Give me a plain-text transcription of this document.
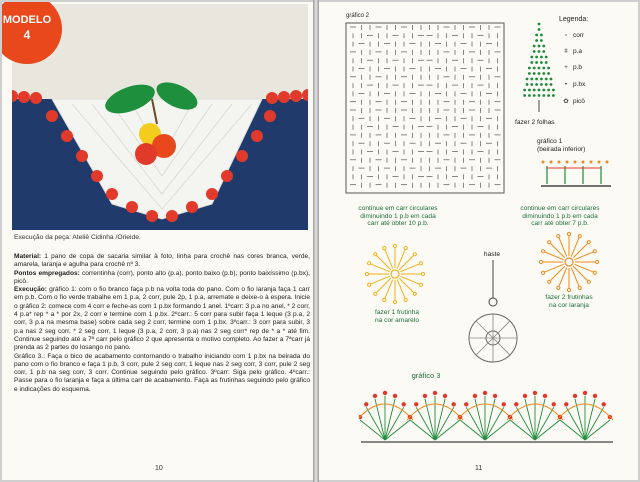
MODELO
4
Execução da peça: Ateliê Cidinha /Orieide.

Material: 1 pano de copa de sacaria similar à foto, linha para crochê nas cores branca, verde, amarela, laranja e agulha para crochê nº 3.

Pontos empregados: correntinha (corr), ponto alto (p.a), ponto baixo (p.b), ponto baixíssimo (p.bx), picô.

Execução: gráfico 1: com o fio branco faça p.b na volta toda do pano. Com o fio laranja faça 1 carr em p.b. Com o fio verde trabalhe em 1 p.a, 2 corr, pule 2p, 1 p.a, arremate e deixe-o à espera. Inicie o gráfico 2: comece com 4 corr e feche-as com 1 p.bx formando 1 anel. 1ºcarr: 3 p.a no anel, * 2 corr, 4 p.a* rep * a * por 2x, 2 corr e termine com 1 p.bx. 2ºcarr.: 5 corr para subir faça 1 leque (3 p.a, 2 corr, 3 p.a na mesma base) sobre cada seg 2 corr, termine com 1 p.bx. 3ºcarr.: 3 corr para subir, 3 p.a nas 2 seg corr, * 2 seg corr, 1 leque (3 p.a, 2 corr, 3 p.a) nas 2 seg corr* rep de * a * até fim. Continue seguindo até a 7ª carr pelo gráfico 2 que apresenta o motivo completo. Ao fazer a 7ªcarr já prenda as 2 partes do losango no pano.

Gráfico 3.: Faça o bico de acabamento contornando o trabalho iniciando com 1 p.bx na beirada do pano com o fio branco e faça 1 p.b, 3 corr, pule 2 seg corr, 1 leque nas 2 seg corr, 3 corr, pule 2 seg corr, 1 p.b na seg corr, 3 corr. Continue seguindo pelo gráfico. 3ºcarr: Siga pelo gráfico. 4ºcarr.: Passe para o fio laranja e faça a última carr de acabamento. Faça as frutinhas seguindo pelo gráfico e indicações do esquema.

10
gráfico 2
fazer 2 folhas
Legenda:
▫ corr
ǂ p.a
+ p.b
• p.bx
✿ picô
gráfico 1
(beirada inferior)
continue em carr circulares
diminuindo 1 p.b em cada
carr até obter 10 p.b.
continue em carr circulares
diminuindo 1 p.b em cada
carr até obter 7 p.b.
fazer 1 frutinha
na cor amarelo
fazer 2 frutinhas
na cor laranja
haste
gráfico 3
11
